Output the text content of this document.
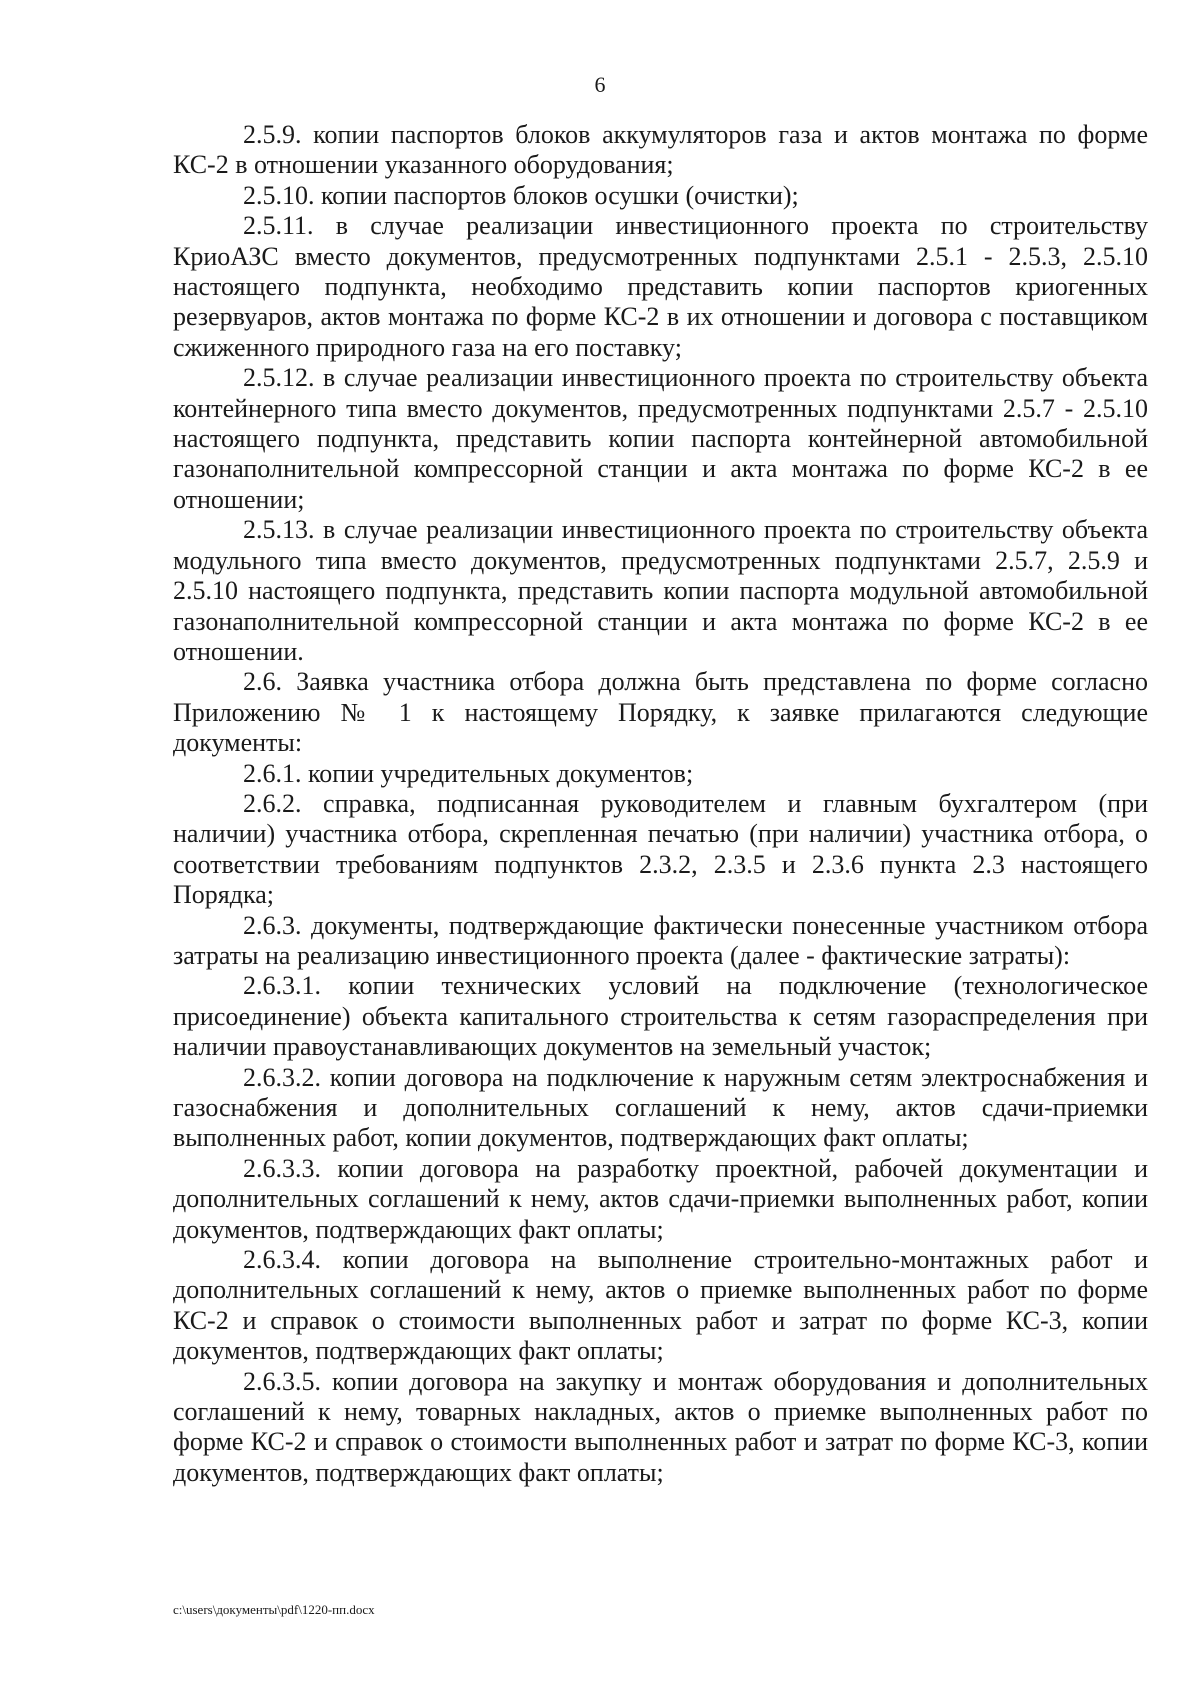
6

2.5.9. копии паспортов блоков аккумуляторов газа и актов монтажа по форме КС-2 в отношении указанного оборудования;

2.5.10. копии паспортов блоков осушки (очистки);

2.5.11. в случае реализации инвестиционного проекта по строительству КриоАЗС вместо документов, предусмотренных подпунктами 2.5.1 - 2.5.3, 2.5.10 настоящего подпункта, необходимо представить копии паспортов криогенных резервуаров, актов монтажа по форме КС-2 в их отношении и договора с поставщиком сжиженного природного газа на его поставку;

2.5.12. в случае реализации инвестиционного проекта по строительству объекта контейнерного типа вместо документов, предусмотренных подпунктами 2.5.7 - 2.5.10 настоящего подпункта, представить копии паспорта контейнерной автомобильной газонаполнительной компрессорной станции и акта монтажа по форме КС-2 в ее отношении;

2.5.13. в случае реализации инвестиционного проекта по строительству объекта модульного типа вместо документов, предусмотренных подпунктами 2.5.7, 2.5.9 и 2.5.10 настоящего подпункта, представить копии паспорта модульной автомобильной газонаполнительной компрессорной станции и акта монтажа по форме КС-2 в ее отношении.

2.6. Заявка участника отбора должна быть представлена по форме согласно Приложению № 1 к настоящему Порядку, к заявке прилагаются следующие документы:

2.6.1. копии учредительных документов;

2.6.2. справка, подписанная руководителем и главным бухгалтером (при наличии) участника отбора, скрепленная печатью (при наличии) участника отбора, о соответствии требованиям подпунктов 2.3.2, 2.3.5 и 2.3.6 пункта 2.3 настоящего Порядка;

2.6.3. документы, подтверждающие фактически понесенные участником отбора затраты на реализацию инвестиционного проекта (далее - фактические затраты):

2.6.3.1. копии технических условий на подключение (технологическое присоединение) объекта капитального строительства к сетям газораспределения при наличии правоустанавливающих документов на земельный участок;

2.6.3.2. копии договора на подключение к наружным сетям электроснабжения и газоснабжения и дополнительных соглашений к нему, актов сдачи-приемки выполненных работ, копии документов, подтверждающих факт оплаты;

2.6.3.3. копии договора на разработку проектной, рабочей документации и дополнительных соглашений к нему, актов сдачи-приемки выполненных работ, копии документов, подтверждающих факт оплаты;

2.6.3.4. копии договора на выполнение строительно-монтажных работ и дополнительных соглашений к нему, актов о приемке выполненных работ по форме КС-2 и справок о стоимости выполненных работ и затрат по форме КС-3, копии документов, подтверждающих факт оплаты;

2.6.3.5. копии договора на закупку и монтаж оборудования и дополнительных соглашений к нему, товарных накладных, актов о приемке выполненных работ по форме КС-2 и справок о стоимости выполненных работ и затрат по форме КС-3, копии документов, подтверждающих факт оплаты;

c:\users\документы\pdf\1220-пп.docx
